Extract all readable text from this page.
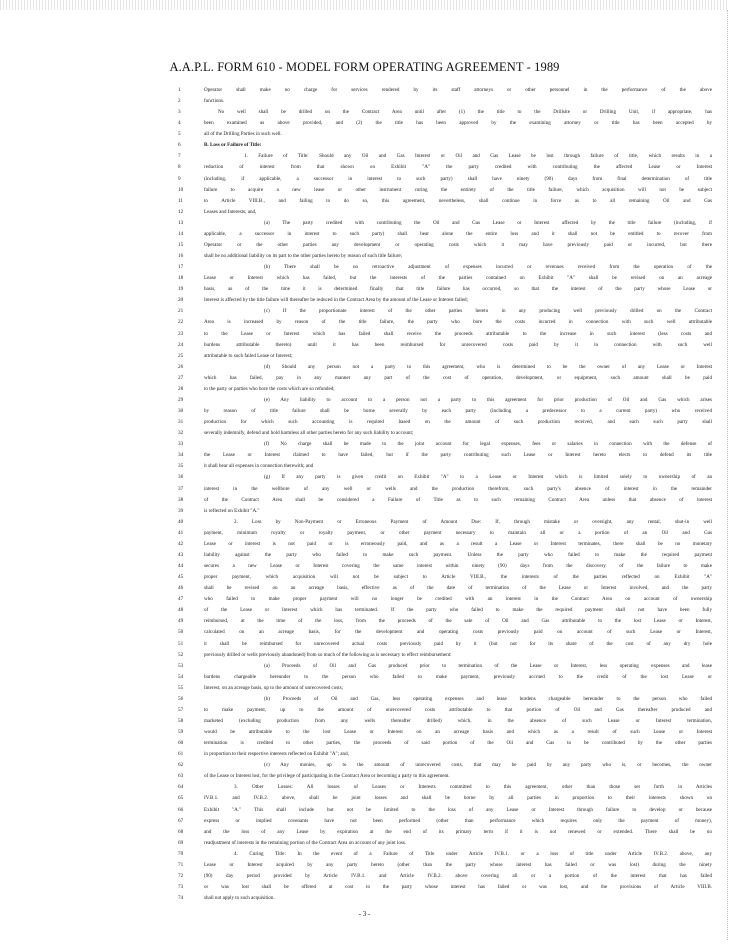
A.A.P.L. FORM 610 - MODEL FORM OPERATING AGREEMENT - 1989
1	Operator shall make no charge for services rendered by its staff attorneys or other personnel in the performance of the above
2	functions.
3	No well shall be drilled on the Contract Area until after (1) the title to the Drillsite or Drilling Unit, if appropriate, has
4	been examined as above provided, and (2) the title has been approved by the examining attorney or title has been accepted by
5	all of the Drilling Parties in such well.
6	B. Loss or Failure of Title:
7	1. Failure of Title: Should any Oil and Gas Interest or Oil and Gas Lease be lost through failure of title, which results in a
8	reduction of interest from that shown on Exhibit "A" the party credited with contributing the affected Lease or Interest
9	(including, if applicable, a successor in interest to such party) shall have ninety (90) days from final determination of title
10	failure to acquire a new lease or other instrument curing the entirety of the title failure, which acquisition will not be subject
11	to Article VIII.B., and failing to do so, this agreement, nevertheless, shall continue in force as to all remaining Oil and Gas
12	Leases and Interests; and,
13	(a) The party credited with contributing the Oil and Gas Lease or Interest affected by the title failure (including, if
14	applicable, a successor in interest to such party) shall bear alone the entire loss and it shall not be entitled to recover from
15	Operator or the other parties any development or operating costs which it may have previously paid or incurred, but there
16	shall be no additional liability on its part to the other parties hereto by reason of such title failure;
17	(b) There shall be no retroactive adjustment of expenses incurred or revenues received from the operation of the
18	Lease or Interest which has failed, but the interests of the parties contained on Exhibit "A" shall be revised on an acreage
19	basis, as of the time it is determined finally that title failure has occurred, so that the interest of the party whose Lease or
20	Interest is affected by the title failure will thereafter be reduced in the Contract Area by the amount of the Lease or Interest failed;
21	(c) If the proportionate interest of the other parties hereto in any producing well previously drilled on the Contract
22	Area is increased by reason of the title failure, the party who bore the costs incurred in connection with such well attributable
23	to the Lease or Interest which has failed shall receive the proceeds attributable to the increase in such interest (less costs and
24	burdens attributable thereto) until it has been reimbursed for unrecovered costs paid by it in connection with such well
25	attributable to such failed Lease or Interest;
26	(d) Should any person not a party to this agreement, who is determined to be the owner of any Lease or Interest
27	which has failed, pay in any manner any part of the cost of operation, development, or equipment, such amount shall be paid
28	to the party or parties who bore the costs which are so refunded;
29	(e) Any liability to account to a person not a party to this agreement for prior production of Oil and Gas which arises
30	by reason of title failure shall be borne severally by each party (including a predecessor to a current party) who received
31	production for which such accounting is required based on the amount of such production received, and each such party shall
32	severally indemnify, defend and hold harmless all other parties hereto for any such liability to account;
33	(f) No charge shall be made to the joint account for legal expenses, fees or salaries in connection with the defense of
34	the Lease or Interest claimed to have failed, but if the party contributing such Lease or Interest hereto elects to defend its title
35	it shall bear all expenses in connection therewith; and
36	(g) If any party is given credit on Exhibit "A" to a Lease or Interest which is limited solely to ownership of an
37	interest in the wellbore of any well or wells and the production therefrom, such party's absence of interest in the remainder
38	of the Contract Area shall be considered a Failure of Title as to such remaining Contract Area unless that absence of interest
39	is reflected on Exhibit "A."
40	2. Loss by Non-Payment or Erroneous Payment of Amount Due: If, through mistake or oversight, any rental, shut-in well
41	payment, minimum royalty or royalty payment, or other payment necessary to maintain all or a portion of an Oil and Gas
42	Lease or interest is not paid or is erroneously paid, and as a result a Lease or Interest terminates, there shall be no monetary
43	liability against the party who failed to make such payment. Unless the party who failed to make the required payment
44	secures a new Lease or Interest covering the same interest within ninety (90) days from the discovery of the failure to make
45	proper payment, which acquisition will not be subject to Article VIII.B., the interests of the parties reflected on Exhibit "A"
46	shall be revised on an acreage basis, effective as of the date of termination of the Lease or Interest involved, and the party
47	who failed to make proper payment will no longer be credited with an interest in the Contract Area on account of ownership
48	of the Lease or Interest which has terminated. If the party who failed to make the required payment shall not have been fully
49	reimbursed, at the time of the loss, from the proceeds of the sale of Oil and Gas attributable to the lost Lease or Interest,
50	calculated on an acreage basis, for the development and operating costs previously paid on account of such Lease or Interest,
51	it shall be reimbursed for unrecovered actual costs previously paid by it (but not for its share of the cost of any dry hole
52	previously drilled or wells previously abandoned) from so much of the following as is necessary to effect reimbursement:
53	(a) Proceeds of Oil and Gas produced prior to termination of the Lease or Interest, less operating expenses and lease
54	burdens chargeable hereunder to the person who failed to make payment, previously accrued to the credit of the lost Lease or
55	Interest, on an acreage basis, up to the amount of unrecovered costs;
56	(b) Proceeds of Oil and Gas, less operating expenses and lease burdens chargeable hereunder to the person who failed
57	to make payment, up to the amount of unrecovered costs attributable to that portion of Oil and Gas thereafter produced and
58	marketed (excluding production from any wells thereafter drilled) which, in the absence of such Lease or Interest termination,
59	would be attributable to the lost Lease or Interest on an acreage basis and which as a result of such Lease or Interest
60	termination is credited to other parties, the proceeds of said portion of the Oil and Gas to be contributed by the other parties
61	in proportion to their respective interests reflected on Exhibit "A"; and,
62	(c) Any monies, up to the amount of unrecovered costs, that may be paid by any party who is, or becomes, the owner
63	of the Lease or Interest lost, for the privilege of participating in the Contract Area or becoming a party to this agreement.
64	3. Other Losses: All losses of Leases or Interests committed to this agreement, other than those set forth in Articles
65	IV.B.1. and IV.B.2. above, shall be joint losses and shall be borne by all parties in proportion to their interests shown on
66	Exhibit "A." This shall include but not be limited to the loss of any Lease or Interest through failure to develop or because
67	express or implied covenants have not been performed (other than performance which requires only the payment of money),
68	and the loss of any Lease by expiration at the end of its primary term if it is not renewed or extended. There shall be no
69	readjustment of interests in the remaining portion of the Contract Area on account of any joint loss.
70	4. Curing Title: In the event of a Failure of Title under Article IV.B.1. or a loss of title under Article IV.B.2. above, any
71	Lease or Interest acquired by any party hereto (other than the party whose interest has failed or was lost) during the ninety
72	(90) day period provided by Article IV.B.1. and Article IV.B.2. above covering all or a portion of the interest that has failed
73	or was lost shall be offered at cost to the party whose interest has failed or was lost, and the provisions of Article VIII.B.
74	shall not apply to such acquisition.
- 3 -
